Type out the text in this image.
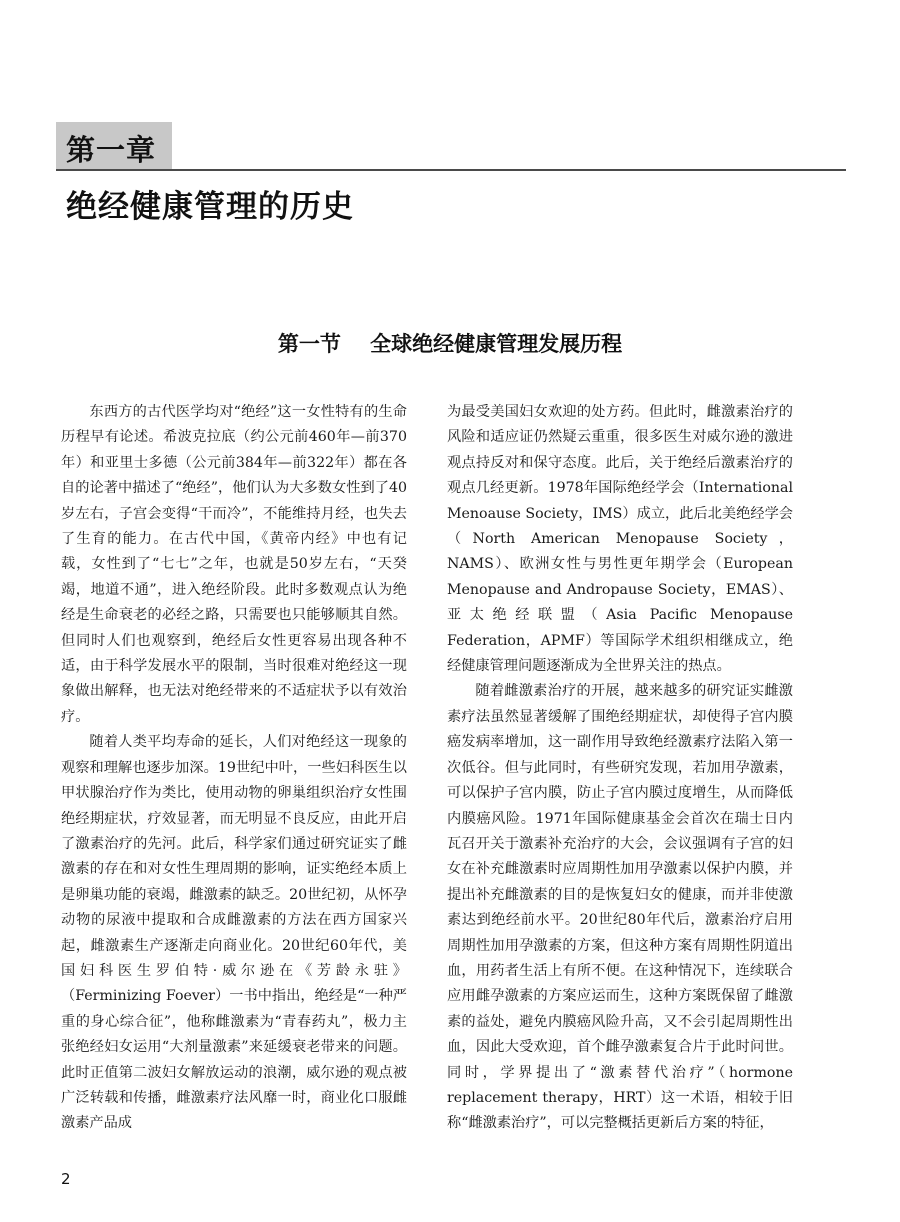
第一章
绝经健康管理的历史
第一节    全球绝经健康管理发展历程

东西方的古代医学均对“绝经”这一女性特有的生命历程早有论述。希波克拉底（约公元前460年—前370年）和亚里士多德（公元前384年—前322年）都在各自的论著中描述了“绝经”，他们认为大多数女性到了40岁左右，子宫会变得“干而冷”，不能维持月经，也失去了生育的能力。在古代中国，《黄帝内经》中也有记载，女性到了“七七”之年，也就是50岁左右，“天癸竭，地道不通”，进入绝经阶段。此时多数观点认为绝经是生命衰老的必经之路，只需要也只能够顺其自然。但同时人们也观察到，绝经后女性更容易出现各种不适，由于科学发展水平的限制，当时很难对绝经这一现象做出解释，也无法对绝经带来的不适症状予以有效治疗。

随着人类平均寿命的延长，人们对绝经这一现象的观察和理解也逐步加深。19世纪中叶，一些妇科医生以甲状腺治疗作为类比，使用动物的卵巢组织治疗女性围绝经期症状，疗效显著，而无明显不良反应，由此开启了激素治疗的先河。此后，科学家们通过研究证实了雌激素的存在和对女性生理周期的影响，证实绝经本质上是卵巢功能的衰竭，雌激素的缺乏。20世纪初，从怀孕动物的尿液中提取和合成雌激素的方法在西方国家兴起，雌激素生产逐渐走向商业化。20世纪60年代，美国妇科医生罗伯特·威尔逊在《芳龄永驻》（Ferminizing Foever）一书中指出，绝经是“一种严重的身心综合征”，他称雌激素为“青春药丸”，极力主张绝经妇女运用“大剂量激素”来延缓衰老带来的问题。此时正值第二波妇女解放运动的浪潮，威尔逊的观点被广泛转载和传播，雌激素疗法风靡一时，商业化口服雌激素产品成

为最受美国妇女欢迎的处方药。但此时，雌激素治疗的风险和适应证仍然疑云重重，很多医生对威尔逊的激进观点持反对和保守态度。此后，关于绝经后激素治疗的观点几经更新。1978年国际绝经学会（International Menoause Society，IMS）成立，此后北美绝经学会（North American Menopause Society，NAMS）、欧洲女性与男性更年期学会（European Menopause and Andropause Society，EMAS）、亚太绝经联盟（Asia Pacific Menopause Federation，APMF）等国际学术组织相继成立，绝经健康管理问题逐渐成为全世界关注的热点。

随着雌激素治疗的开展，越来越多的研究证实雌激素疗法虽然显著缓解了围绝经期症状，却使得子宫内膜癌发病率增加，这一副作用导致绝经激素疗法陷入第一次低谷。但与此同时，有些研究发现，若加用孕激素，可以保护子宫内膜，防止子宫内膜过度增生，从而降低内膜癌风险。1971年国际健康基金会首次在瑞士日内瓦召开关于激素补充治疗的大会，会议强调有子宫的妇女在补充雌激素时应周期性加用孕激素以保护内膜，并提出补充雌激素的目的是恢复妇女的健康，而并非使激素达到绝经前水平。20世纪80年代后，激素治疗启用周期性加用孕激素的方案，但这种方案有周期性阴道出血，用药者生活上有所不便。在这种情况下，连续联合应用雌孕激素的方案应运而生，这种方案既保留了雌激素的益处，避免内膜癌风险升高，又不会引起周期性出血，因此大受欢迎，首个雌孕激素复合片于此时问世。同时，学界提出了“激素替代治疗”（hormone replacement therapy，HRT）这一术语，相较于旧称“雌激素治疗”，可以完整概括更新后方案的特征，

2
